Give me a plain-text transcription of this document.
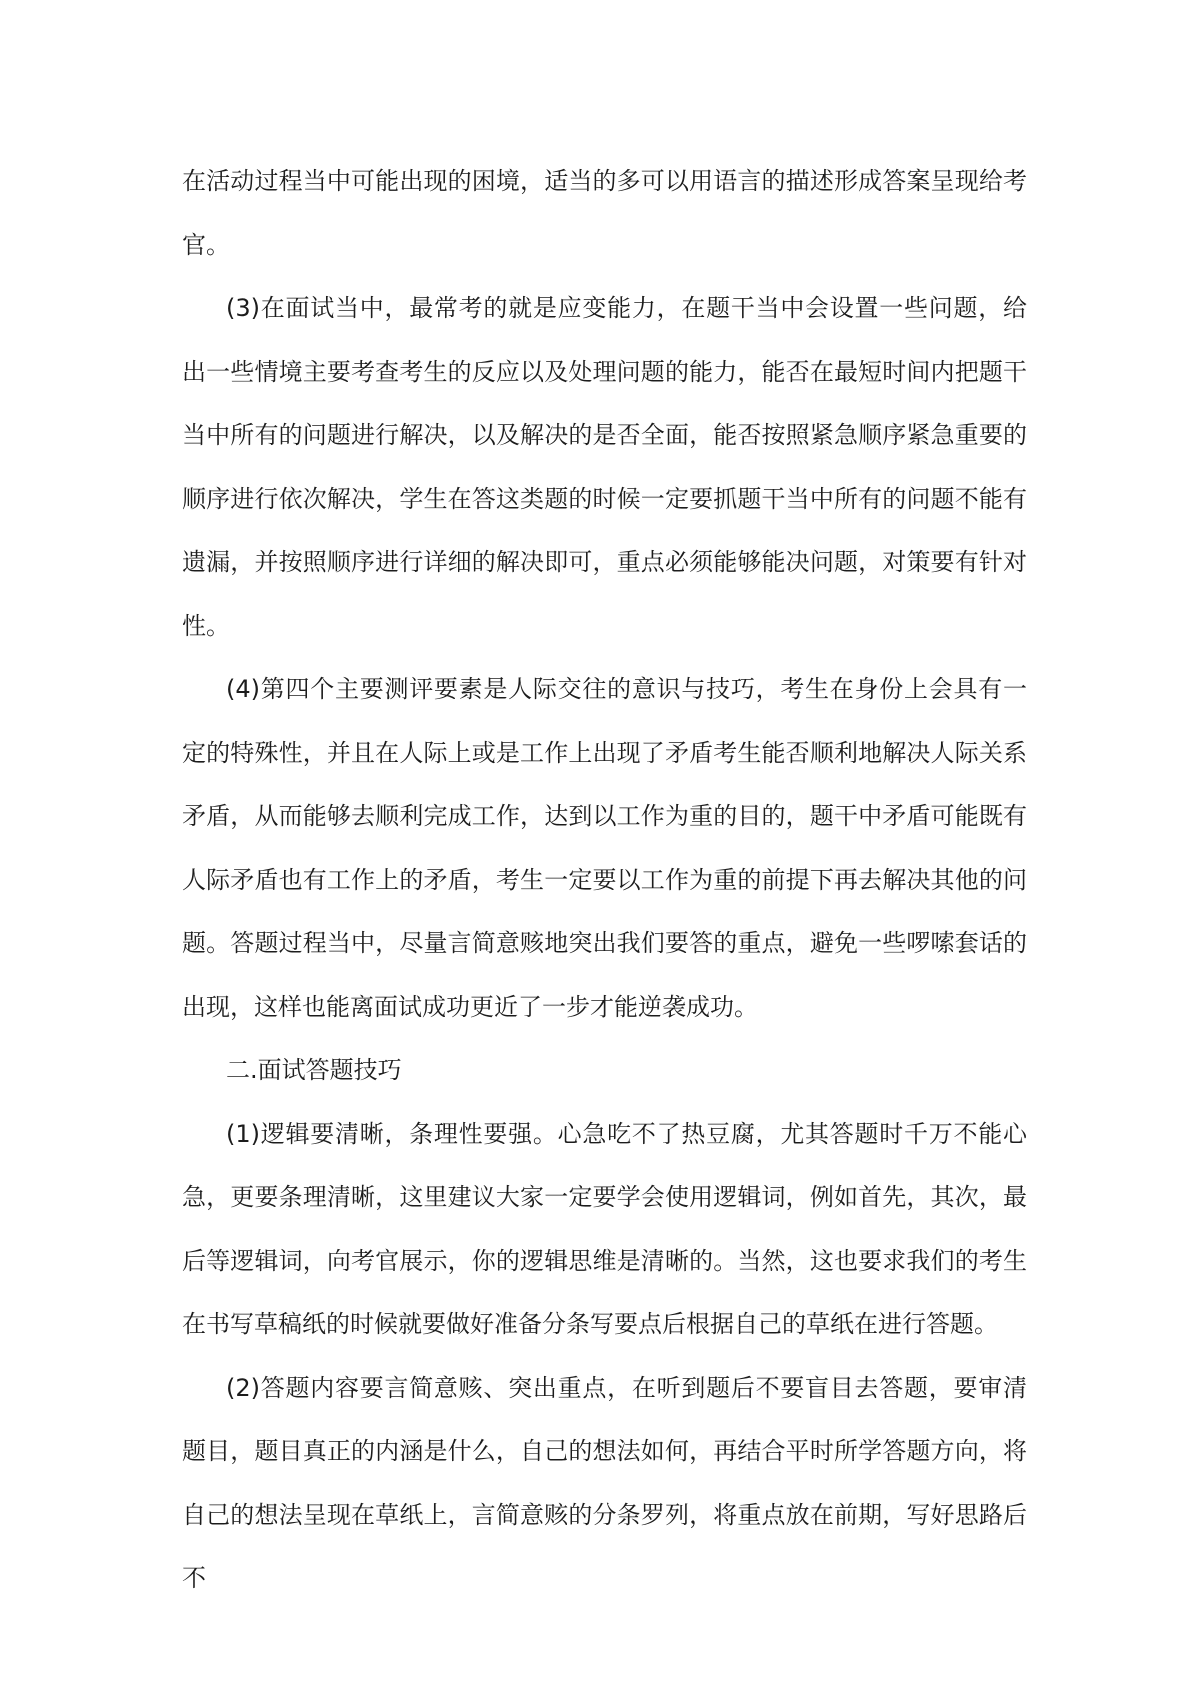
在活动过程当中可能出现的困境，适当的多可以用语言的描述形成答案呈现给考官。

(3)在面试当中，最常考的就是应变能力，在题干当中会设置一些问题，给出一些情境主要考查考生的反应以及处理问题的能力，能否在最短时间内把题干当中所有的问题进行解决，以及解决的是否全面，能否按照紧急顺序紧急重要的顺序进行依次解决，学生在答这类题的时候一定要抓题干当中所有的问题不能有遗漏，并按照顺序进行详细的解决即可，重点必须能够能决问题，对策要有针对性。

(4)第四个主要测评要素是人际交往的意识与技巧，考生在身份上会具有一定的特殊性，并且在人际上或是工作上出现了矛盾考生能否顺利地解决人际关系矛盾，从而能够去顺利完成工作，达到以工作为重的目的，题干中矛盾可能既有人际矛盾也有工作上的矛盾，考生一定要以工作为重的前提下再去解决其他的问题。答题过程当中，尽量言简意赅地突出我们要答的重点，避免一些啰嗦套话的出现，这样也能离面试成功更近了一步才能逆袭成功。

二.面试答题技巧

(1)逻辑要清晰，条理性要强。心急吃不了热豆腐，尤其答题时千万不能心急，更要条理清晰，这里建议大家一定要学会使用逻辑词，例如首先，其次，最后等逻辑词，向考官展示，你的逻辑思维是清晰的。当然，这也要求我们的考生在书写草稿纸的时候就要做好准备分条写要点后根据自己的草纸在进行答题。

(2)答题内容要言简意赅、突出重点，在听到题后不要盲目去答题，要审清题目，题目真正的内涵是什么，自己的想法如何，再结合平时所学答题方向，将自己的想法呈现在草纸上，言简意赅的分条罗列，将重点放在前期，写好思路后不
